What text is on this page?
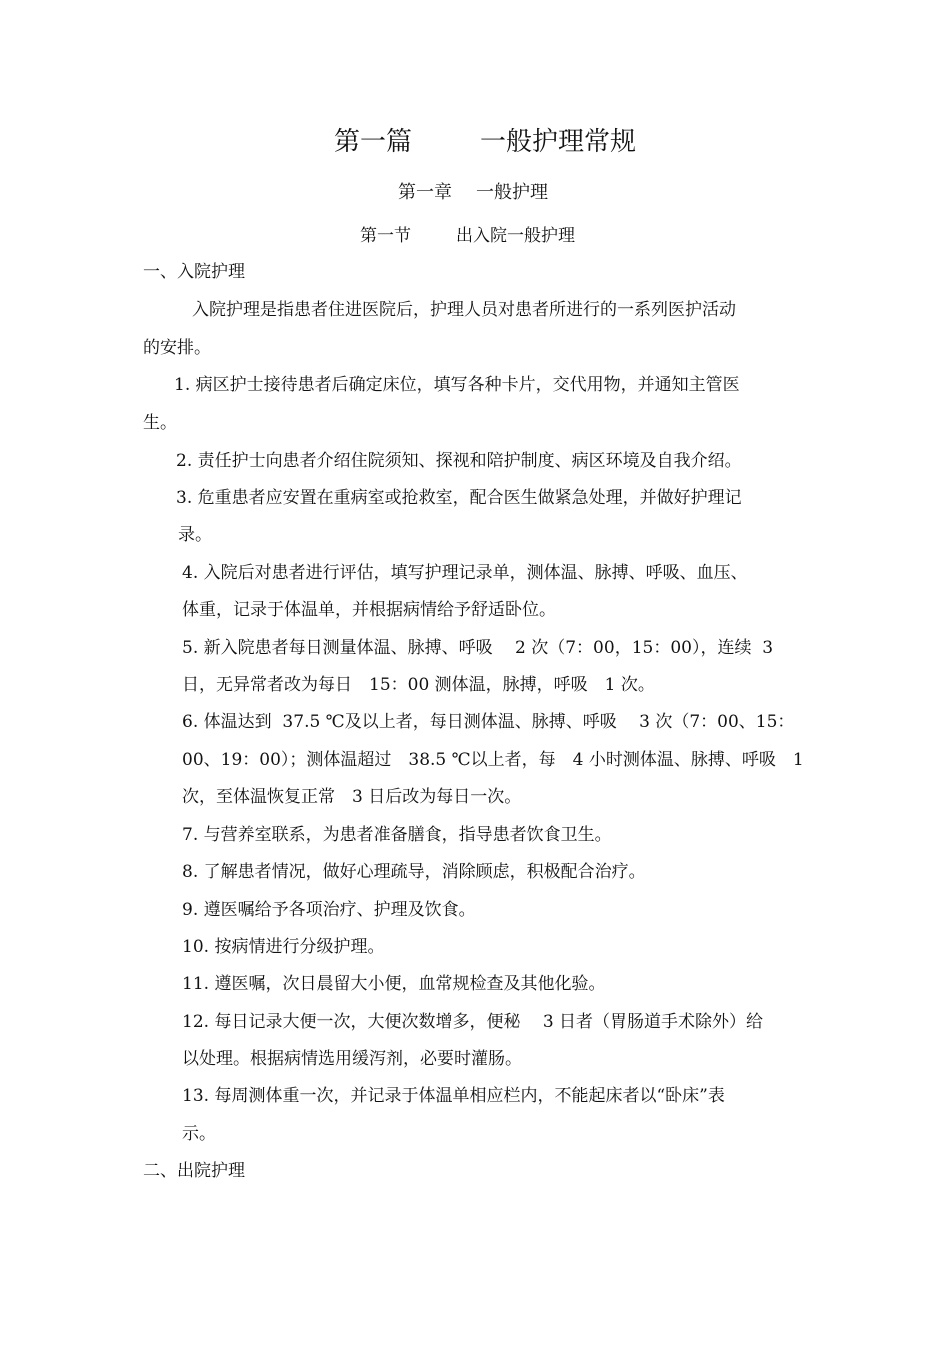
第一篇	一般护理常规
第一章 一般护理
第一节	出入院一般护理
一、入院护理
入院护理是指患者住进医院后，护理人员对患者所进行的一系列医护活动
的安排。
1. 病区护士接待患者后确定床位，填写各种卡片，交代用物，并通知主管医
生。
2. 责任护士向患者介绍住院须知、探视和陪护制度、病区环境及自我介绍。
3. 危重患者应安置在重病室或抢救室，配合医生做紧急处理，并做好护理记
录。
4. 入院后对患者进行评估，填写护理记录单，测体温、脉搏、呼吸、血压、
体重，记录于体温单，并根据病情给予舒适卧位。
5. 新入院患者每日测量体温、脉搏、呼吸　 2 次（7：00，15：00），连续  3
日，无异常者改为每日　15：00 测体温，脉搏，呼吸　1 次。
6. 体温达到  37.5 ℃及以上者，每日测体温、脉搏、呼吸　 3 次（7：00、15：
00、19：00）；测体温超过　38.5 ℃以上者，每　4 小时测体温、脉搏、呼吸　1
次，至体温恢复正常　3 日后改为每日一次。
7. 与营养室联系，为患者准备膳食，指导患者饮食卫生。
8. 了解患者情况，做好心理疏导，消除顾虑，积极配合治疗。
9. 遵医嘱给予各项治疗、护理及饮食。
10. 按病情进行分级护理。
11. 遵医嘱，次日晨留大小便，血常规检查及其他化验。
12. 每日记录大便一次，大便次数增多，便秘　 3 日者（胃肠道手术除外）给
以处理。根据病情选用缓泻剂，必要时灌肠。
13. 每周测体重一次，并记录于体温单相应栏内，不能起床者以“卧床”表
示。
二、出院护理
